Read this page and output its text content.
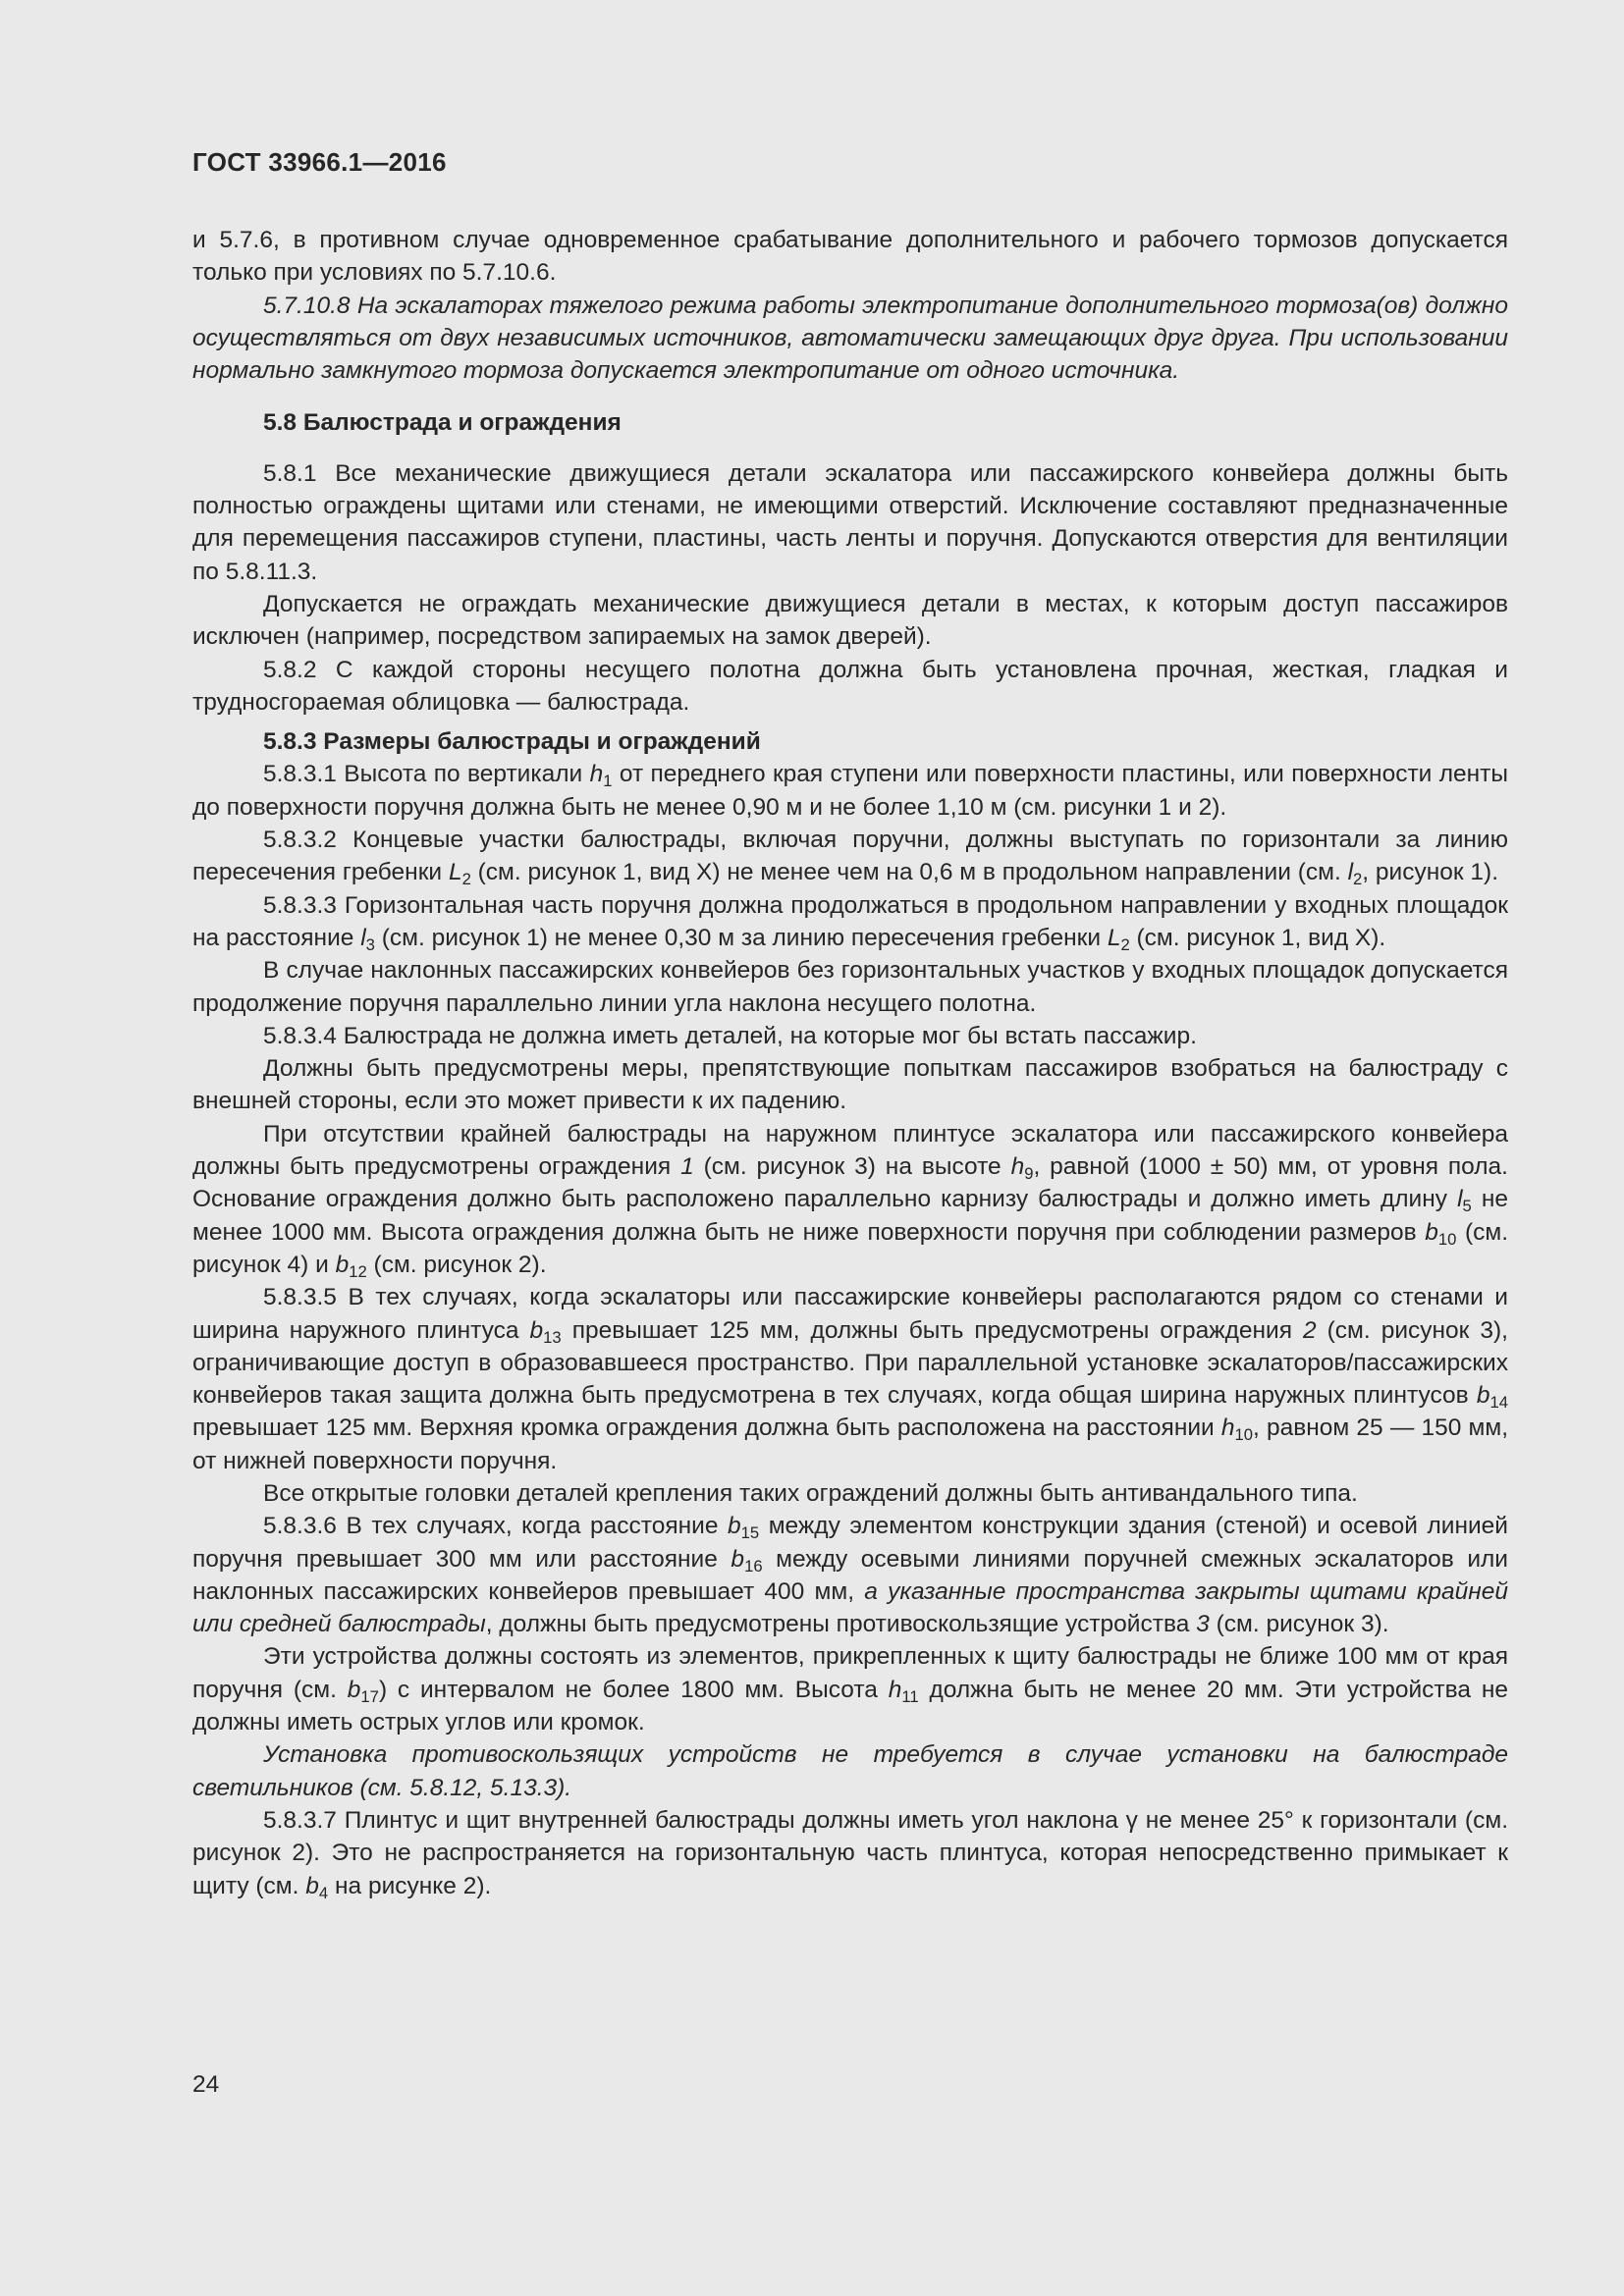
ГОСТ 33966.1—2016

и 5.7.6, в противном случае одновременное срабатывание дополнительного и рабочего тормозов допускается только при условиях по 5.7.10.6.

5.7.10.8 На эскалаторах тяжелого режима работы электропитание дополнительного тормоза(ов) должно осуществляться от двух независимых источников, автоматически замещающих друг друга. При использовании нормально замкнутого тормоза допускается электропитание от одного источника.

5.8 Балюстрада и ограждения

5.8.1 Все механические движущиеся детали эскалатора или пассажирского конвейера должны быть полностью ограждены щитами или стенами, не имеющими отверстий. Исключение составляют предназначенные для перемещения пассажиров ступени, пластины, часть ленты и поручня. Допускаются отверстия для вентиляции по 5.8.11.3.

Допускается не ограждать механические движущиеся детали в местах, к которым доступ пассажиров исключен (например, посредством запираемых на замок дверей).

5.8.2 С каждой стороны несущего полотна должна быть установлена прочная, жесткая, гладкая и трудносгораемая облицовка — балюстрада.

5.8.3 Размеры балюстрады и ограждений

5.8.3.1 Высота по вертикали $h_1$ от переднего края ступени или поверхности пластины, или поверхности ленты до поверхности поручня должна быть не менее 0,90 м и не более 1,10 м (см. рисунки 1 и 2).

5.8.3.2 Концевые участки балюстрады, включая поручни, должны выступать по горизонтали за линию пересечения гребенки $L_2$ (см. рисунок 1, вид X) не менее чем на 0,6 м в продольном направлении (см. $l_2$, рисунок 1).

5.8.3.3 Горизонтальная часть поручня должна продолжаться в продольном направлении у входных площадок на расстояние $l_3$ (см. рисунок 1) не менее 0,30 м за линию пересечения гребенки $L_2$ (см. рисунок 1, вид X).

В случае наклонных пассажирских конвейеров без горизонтальных участков у входных площадок допускается продолжение поручня параллельно линии угла наклона несущего полотна.

5.8.3.4 Балюстрада не должна иметь деталей, на которые мог бы встать пассажир.

Должны быть предусмотрены меры, препятствующие попыткам пассажиров взобраться на балюстраду с внешней стороны, если это может привести к их падению.

При отсутствии крайней балюстрады на наружном плинтусе эскалатора или пассажирского конвейера должны быть предусмотрены ограждения 1 (см. рисунок 3) на высоте $h_9$, равной (1000 ± 50) мм, от уровня пола. Основание ограждения должно быть расположено параллельно карнизу балюстрады и должно иметь длину $l_5$ не менее 1000 мм. Высота ограждения должна быть не ниже поверхности поручня при соблюдении размеров $b_{10}$ (см. рисунок 4) и $b_{12}$ (см. рисунок 2).

5.8.3.5 В тех случаях, когда эскалаторы или пассажирские конвейеры располагаются рядом со стенами и ширина наружного плинтуса $b_{13}$ превышает 125 мм, должны быть предусмотрены ограждения 2 (см. рисунок 3), ограничивающие доступ в образовавшееся пространство. При параллельной установке эскалаторов/пассажирских конвейеров такая защита должна быть предусмотрена в тех случаях, когда общая ширина наружных плинтусов $b_{14}$ превышает 125 мм. Верхняя кромка ограждения должна быть расположена на расстоянии $h_{10}$, равном 25 — 150 мм, от нижней поверхности поручня.

Все открытые головки деталей крепления таких ограждений должны быть антивандального типа.

5.8.3.6 В тех случаях, когда расстояние $b_{15}$ между элементом конструкции здания (стеной) и осевой линией поручня превышает 300 мм или расстояние $b_{16}$ между осевыми линиями поручней смежных эскалаторов или наклонных пассажирских конвейеров превышает 400 мм, а указанные пространства закрыты щитами крайней или средней балюстрады, должны быть предусмотрены противоскользящие устройства 3 (см. рисунок 3).

Эти устройства должны состоять из элементов, прикрепленных к щиту балюстрады не ближе 100 мм от края поручня (см. $b_{17}$) с интервалом не более 1800 мм. Высота $h_{11}$ должна быть не менее 20 мм. Эти устройства не должны иметь острых углов или кромок.

Установка противоскользящих устройств не требуется в случае установки на балюстраде светильников (см. 5.8.12, 5.13.3).

5.8.3.7 Плинтус и щит внутренней балюстрады должны иметь угол наклона γ не менее 25° к горизонтали (см. рисунок 2). Это не распространяется на горизонтальную часть плинтуса, которая непосредственно примыкает к щиту (см. $b_4$ на рисунке 2).

24
